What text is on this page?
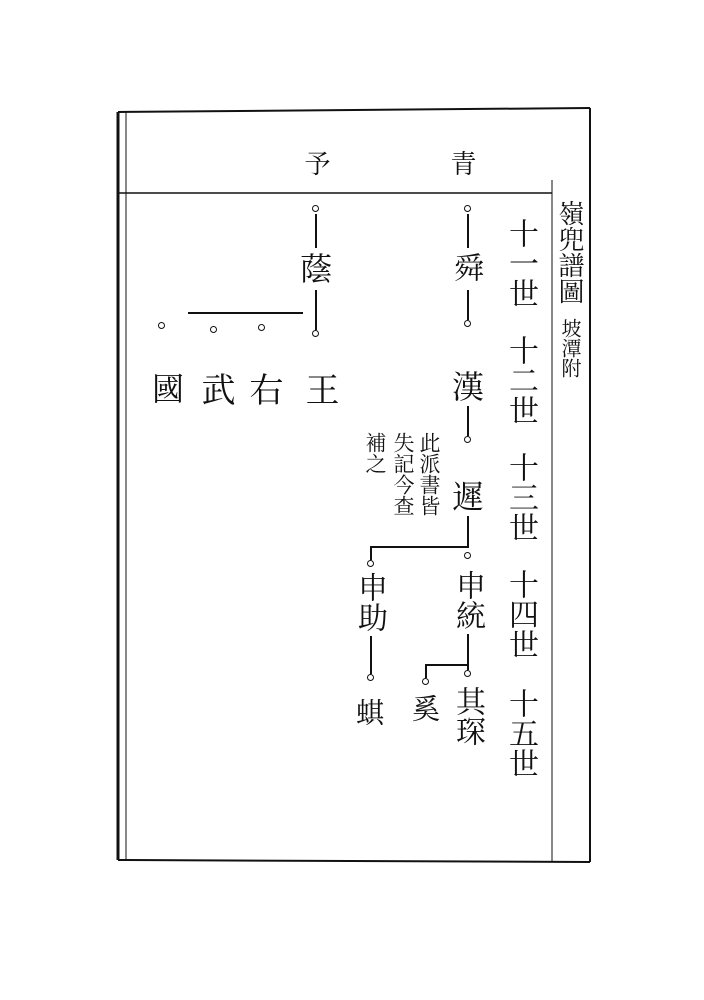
嶺兜譜圖
坡潭附
十一世
十二世
十三世
十四世
十五世
青
予
蔭
王
右
武
國
舜
漢
遲
此派書皆
失記今查
補之
申統
申助
其琛
奚
蜞
